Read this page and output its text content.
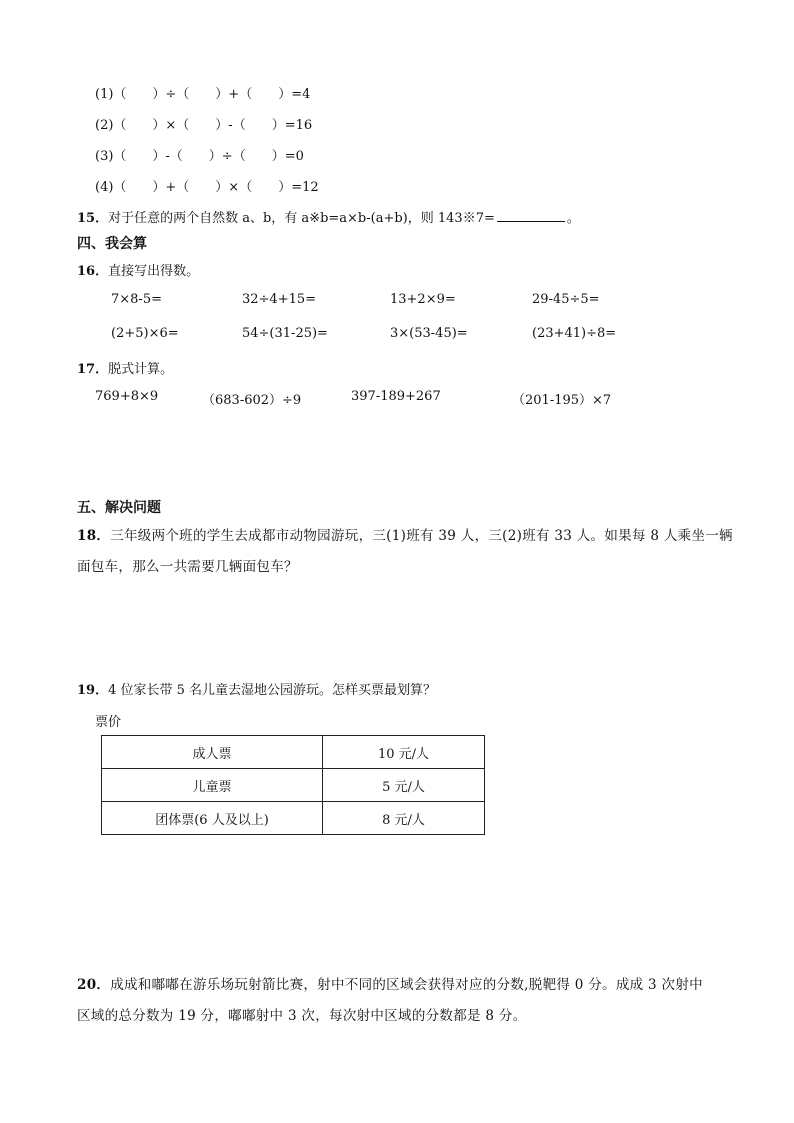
(1)（　　）÷（　　）+（　　）=4
(2)（　　）×（　　）-（　　）=16
(3)（　　）-（　　）÷（　　）=0
(4)（　　）+（　　）×（　　）=12
15．对于任意的两个自然数 a、b，有 a※b=a×b-(a+b)，则 143※7=	。
四、我会算
16．直接写出得数。
7×8-5=	32÷4+15=	13+2×9=	29-45÷5=
(2+5)×6=	54÷(31-25)=	3×(53-45)=	(23+41)÷8=
17．脱式计算。
769+8×9	（683-602）÷9	397-189+267	（201-195）×7
五、解决问题
18．三年级两个班的学生去成都市动物园游玩，三(1)班有 39 人，三(2)班有 33 人。如果每 8 人乘坐一辆
面包车，那么一共需要几辆面包车？
19．4 位家长带 5 名儿童去湿地公园游玩。怎样买票最划算？
票价
成人票	10 元/人
儿童票	5 元/人
团体票(6 人及以上)	8 元/人
20．成成和嘟嘟在游乐场玩射箭比赛，射中不同的区域会获得对应的分数,脱靶得 0 分。成成 3 次射中
区域的总分数为 19 分，嘟嘟射中 3 次，每次射中区域的分数都是 8 分。
